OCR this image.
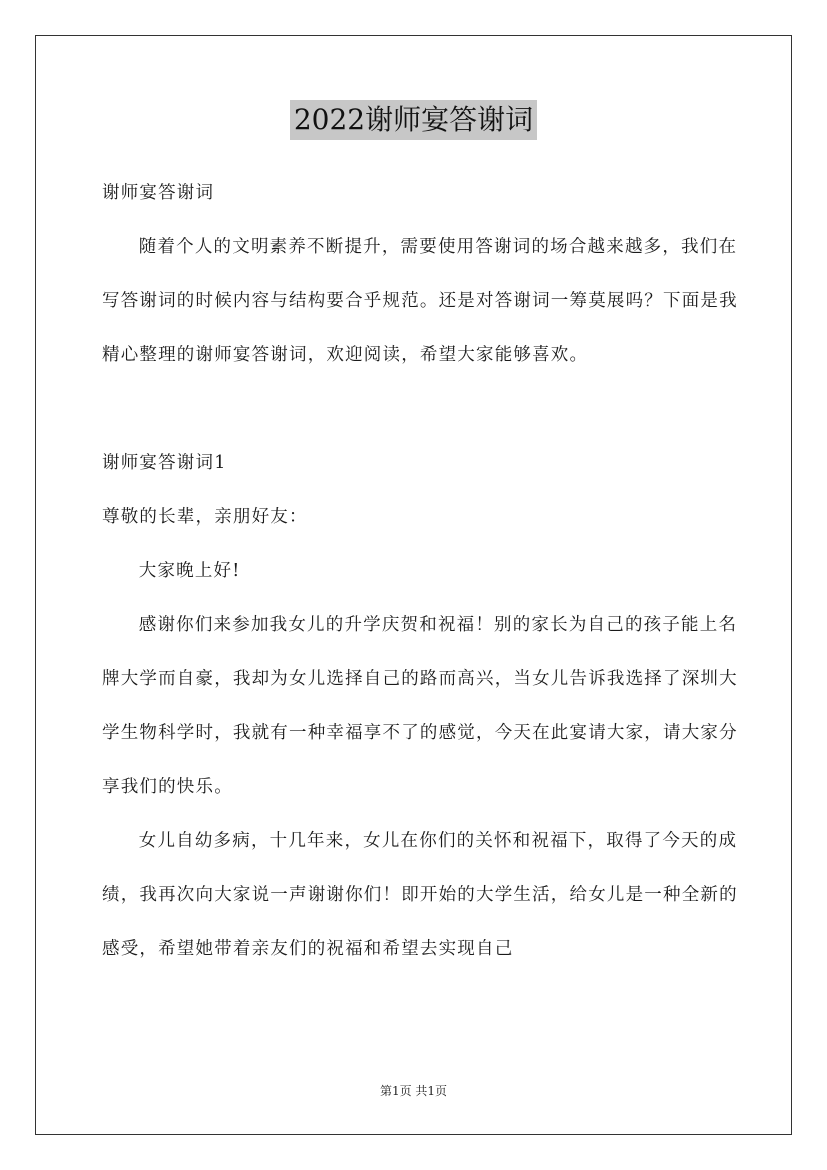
2022谢师宴答谢词

谢师宴答谢词

随着个人的文明素养不断提升，需要使用答谢词的场合越来越多，我们在写答谢词的时候内容与结构要合乎规范。还是对答谢词一筹莫展吗？下面是我精心整理的谢师宴答谢词，欢迎阅读，希望大家能够喜欢。

谢师宴答谢词1

尊敬的长辈，亲朋好友：

大家晚上好!

感谢你们来参加我女儿的升学庆贺和祝福！别的家长为自己的孩子能上名牌大学而自豪，我却为女儿选择自己的路而高兴，当女儿告诉我选择了深圳大学生物科学时，我就有一种幸福享不了的感觉，今天在此宴请大家，请大家分享我们的快乐。

女儿自幼多病，十几年来，女儿在你们的关怀和祝福下，取得了今天的成绩，我再次向大家说一声谢谢你们！即开始的大学生活，给女儿是一种全新的感受，希望她带着亲友们的祝福和希望去实现自己

第1页 共1页
